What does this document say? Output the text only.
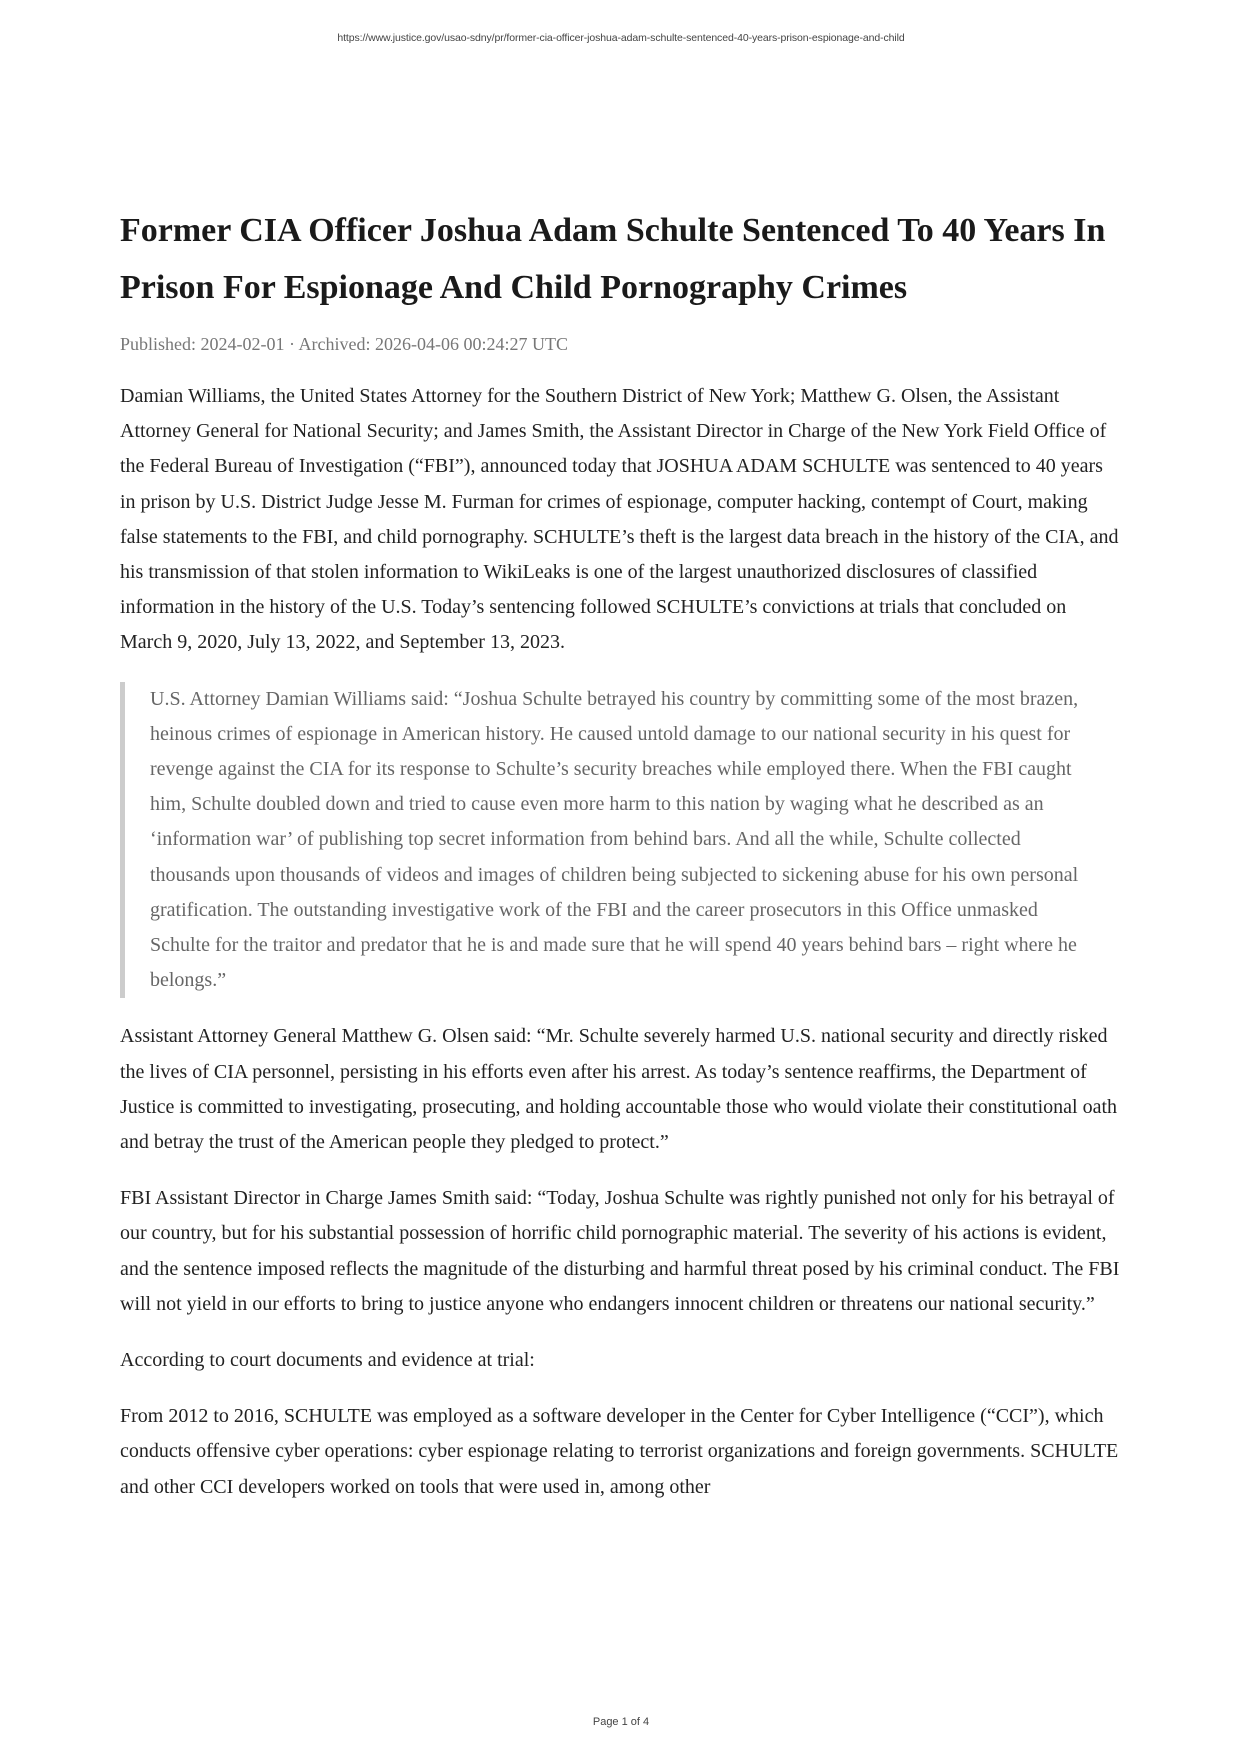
https://www.justice.gov/usao-sdny/pr/former-cia-officer-joshua-adam-schulte-sentenced-40-years-prison-espionage-and-child
Former CIA Officer Joshua Adam Schulte Sentenced To 40 Years In Prison For Espionage And Child Pornography Crimes
Published: 2024-02-01 · Archived: 2026-04-06 00:24:27 UTC

Damian Williams, the United States Attorney for the Southern District of New York; Matthew G. Olsen, the Assistant Attorney General for National Security; and James Smith, the Assistant Director in Charge of the New York Field Office of the Federal Bureau of Investigation (“FBI”), announced today that JOSHUA ADAM SCHULTE was sentenced to 40 years in prison by U.S. District Judge Jesse M. Furman for crimes of espionage, computer hacking, contempt of Court, making false statements to the FBI, and child pornography. SCHULTE’s theft is the largest data breach in the history of the CIA, and his transmission of that stolen information to WikiLeaks is one of the largest unauthorized disclosures of classified information in the history of the U.S. Today’s sentencing followed SCHULTE’s convictions at trials that concluded on March 9, 2020, July 13, 2022, and September 13, 2023.

U.S. Attorney Damian Williams said: “Joshua Schulte betrayed his country by committing some of the most brazen, heinous crimes of espionage in American history. He caused untold damage to our national security in his quest for revenge against the CIA for its response to Schulte’s security breaches while employed there. When the FBI caught him, Schulte doubled down and tried to cause even more harm to this nation by waging what he described as an ‘information war’ of publishing top secret information from behind bars. And all the while, Schulte collected thousands upon thousands of videos and images of children being subjected to sickening abuse for his own personal gratification. The outstanding investigative work of the FBI and the career prosecutors in this Office unmasked Schulte for the traitor and predator that he is and made sure that he will spend 40 years behind bars – right where he belongs.”

Assistant Attorney General Matthew G. Olsen said: “Mr. Schulte severely harmed U.S. national security and directly risked the lives of CIA personnel, persisting in his efforts even after his arrest. As today’s sentence reaffirms, the Department of Justice is committed to investigating, prosecuting, and holding accountable those who would violate their constitutional oath and betray the trust of the American people they pledged to protect.”

FBI Assistant Director in Charge James Smith said: “Today, Joshua Schulte was rightly punished not only for his betrayal of our country, but for his substantial possession of horrific child pornographic material. The severity of his actions is evident, and the sentence imposed reflects the magnitude of the disturbing and harmful threat posed by his criminal conduct. The FBI will not yield in our efforts to bring to justice anyone who endangers innocent children or threatens our national security.”

According to court documents and evidence at trial:

From 2012 to 2016, SCHULTE was employed as a software developer in the Center for Cyber Intelligence (“CCI”), which conducts offensive cyber operations: cyber espionage relating to terrorist organizations and foreign governments. SCHULTE and other CCI developers worked on tools that were used in, among other

Page 1 of 4
